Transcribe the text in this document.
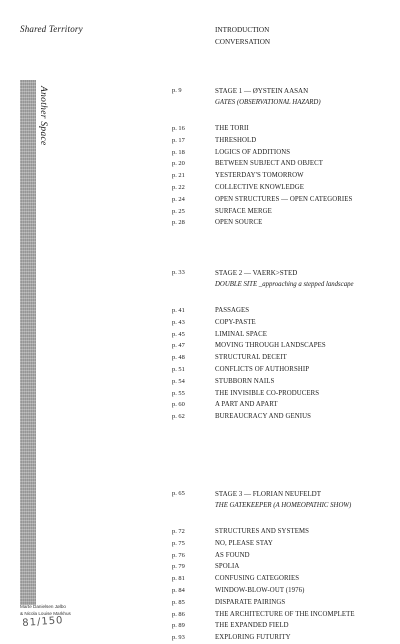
Shared Territory	INTRODUCTION
CONVERSATION
Another Space
Marte Danielsen Jølbo
& Nicola Louise Markhus
81/150
p. 9	STAGE 1 — ØYSTEIN AASAN
GATES (OBSERVATIONAL HAZARD)
p. 16	THE TORII
p. 17	THRESHOLD
p. 18	LOGICS OF ADDITIONS
p. 20	BETWEEN SUBJECT AND OBJECT
p. 21	YESTERDAY'S TOMORROW
p. 22	COLLECTIVE KNOWLEDGE
p. 24	OPEN STRUCTURES — OPEN CATEGORIES
p. 25	SURFACE MERGE
p. 28	OPEN SOURCE
p. 33	STAGE 2 — VAERK>STED
DOUBLE SITE _approaching a stepped landscape
p. 41	PASSAGES
p. 43	COPY-PASTE
p. 45	LIMINAL SPACE
p. 47	MOVING THROUGH LANDSCAPES
p. 48	STRUCTURAL DECEIT
p. 51	CONFLICTS OF AUTHORSHIP
p. 54	STUBBORN NAILS
p. 55	THE INVISIBLE CO-PRODUCERS
p. 60	A PART AND APART
p. 62	BUREAUCRACY AND GENIUS
p. 65	STAGE 3 — FLORIAN NEUFELDT
THE GATEKEEPER (A HOMEOPATHIC SHOW)
p. 72	STRUCTURES AND SYSTEMS
p. 75	NO, PLEASE STAY
p. 76	AS FOUND
p. 79	SPOLIA
p. 81	CONFUSING CATEGORIES
p. 84	WINDOW-BLOW-OUT (1976)
p. 85	DISPARATE PAIRINGS
p. 86	THE ARCHITECTURE OF THE INCOMPLETE
p. 89	THE EXPANDED FIELD
p. 93	EXPLORING FUTURITY
